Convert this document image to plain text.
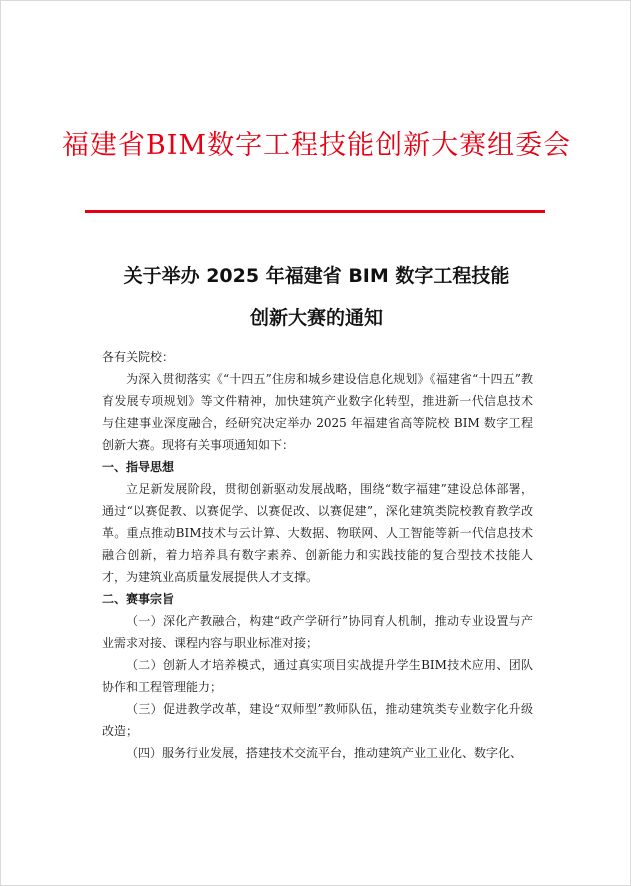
福建省BIM数字工程技能创新大赛组委会
关于举办 2025 年福建省 BIM 数字工程技能
创新大赛的通知

各有关院校：

为深入贯彻落实《“十四五”住房和城乡建设信息化规划》《福建省“十四五”教育发展专项规划》等文件精神，加快建筑产业数字化转型，推进新一代信息技术与住建事业深度融合，经研究决定举办 2025 年福建省高等院校 BIM 数字工程创新大赛。现将有关事项通知如下：

一、指导思想

立足新发展阶段，贯彻创新驱动发展战略，围绕“数字福建”建设总体部署，通过“以赛促教、以赛促学、以赛促改、以赛促建”，深化建筑类院校教育教学改革。重点推动BIM技术与云计算、大数据、物联网、人工智能等新一代信息技术融合创新，着力培养具有数字素养、创新能力和实践技能的复合型技术技能人才，为建筑业高质量发展提供人才支撑。

二、赛事宗旨

（一）深化产教融合，构建“政产学研行”协同育人机制，推动专业设置与产业需求对接、课程内容与职业标准对接；

（二）创新人才培养模式，通过真实项目实战提升学生BIM技术应用、团队协作和工程管理能力；

（三）促进教学改革，建设“双师型”教师队伍，推动建筑类专业数字化升级改造；

（四）服务行业发展，搭建技术交流平台，推动建筑产业工业化、数字化、
